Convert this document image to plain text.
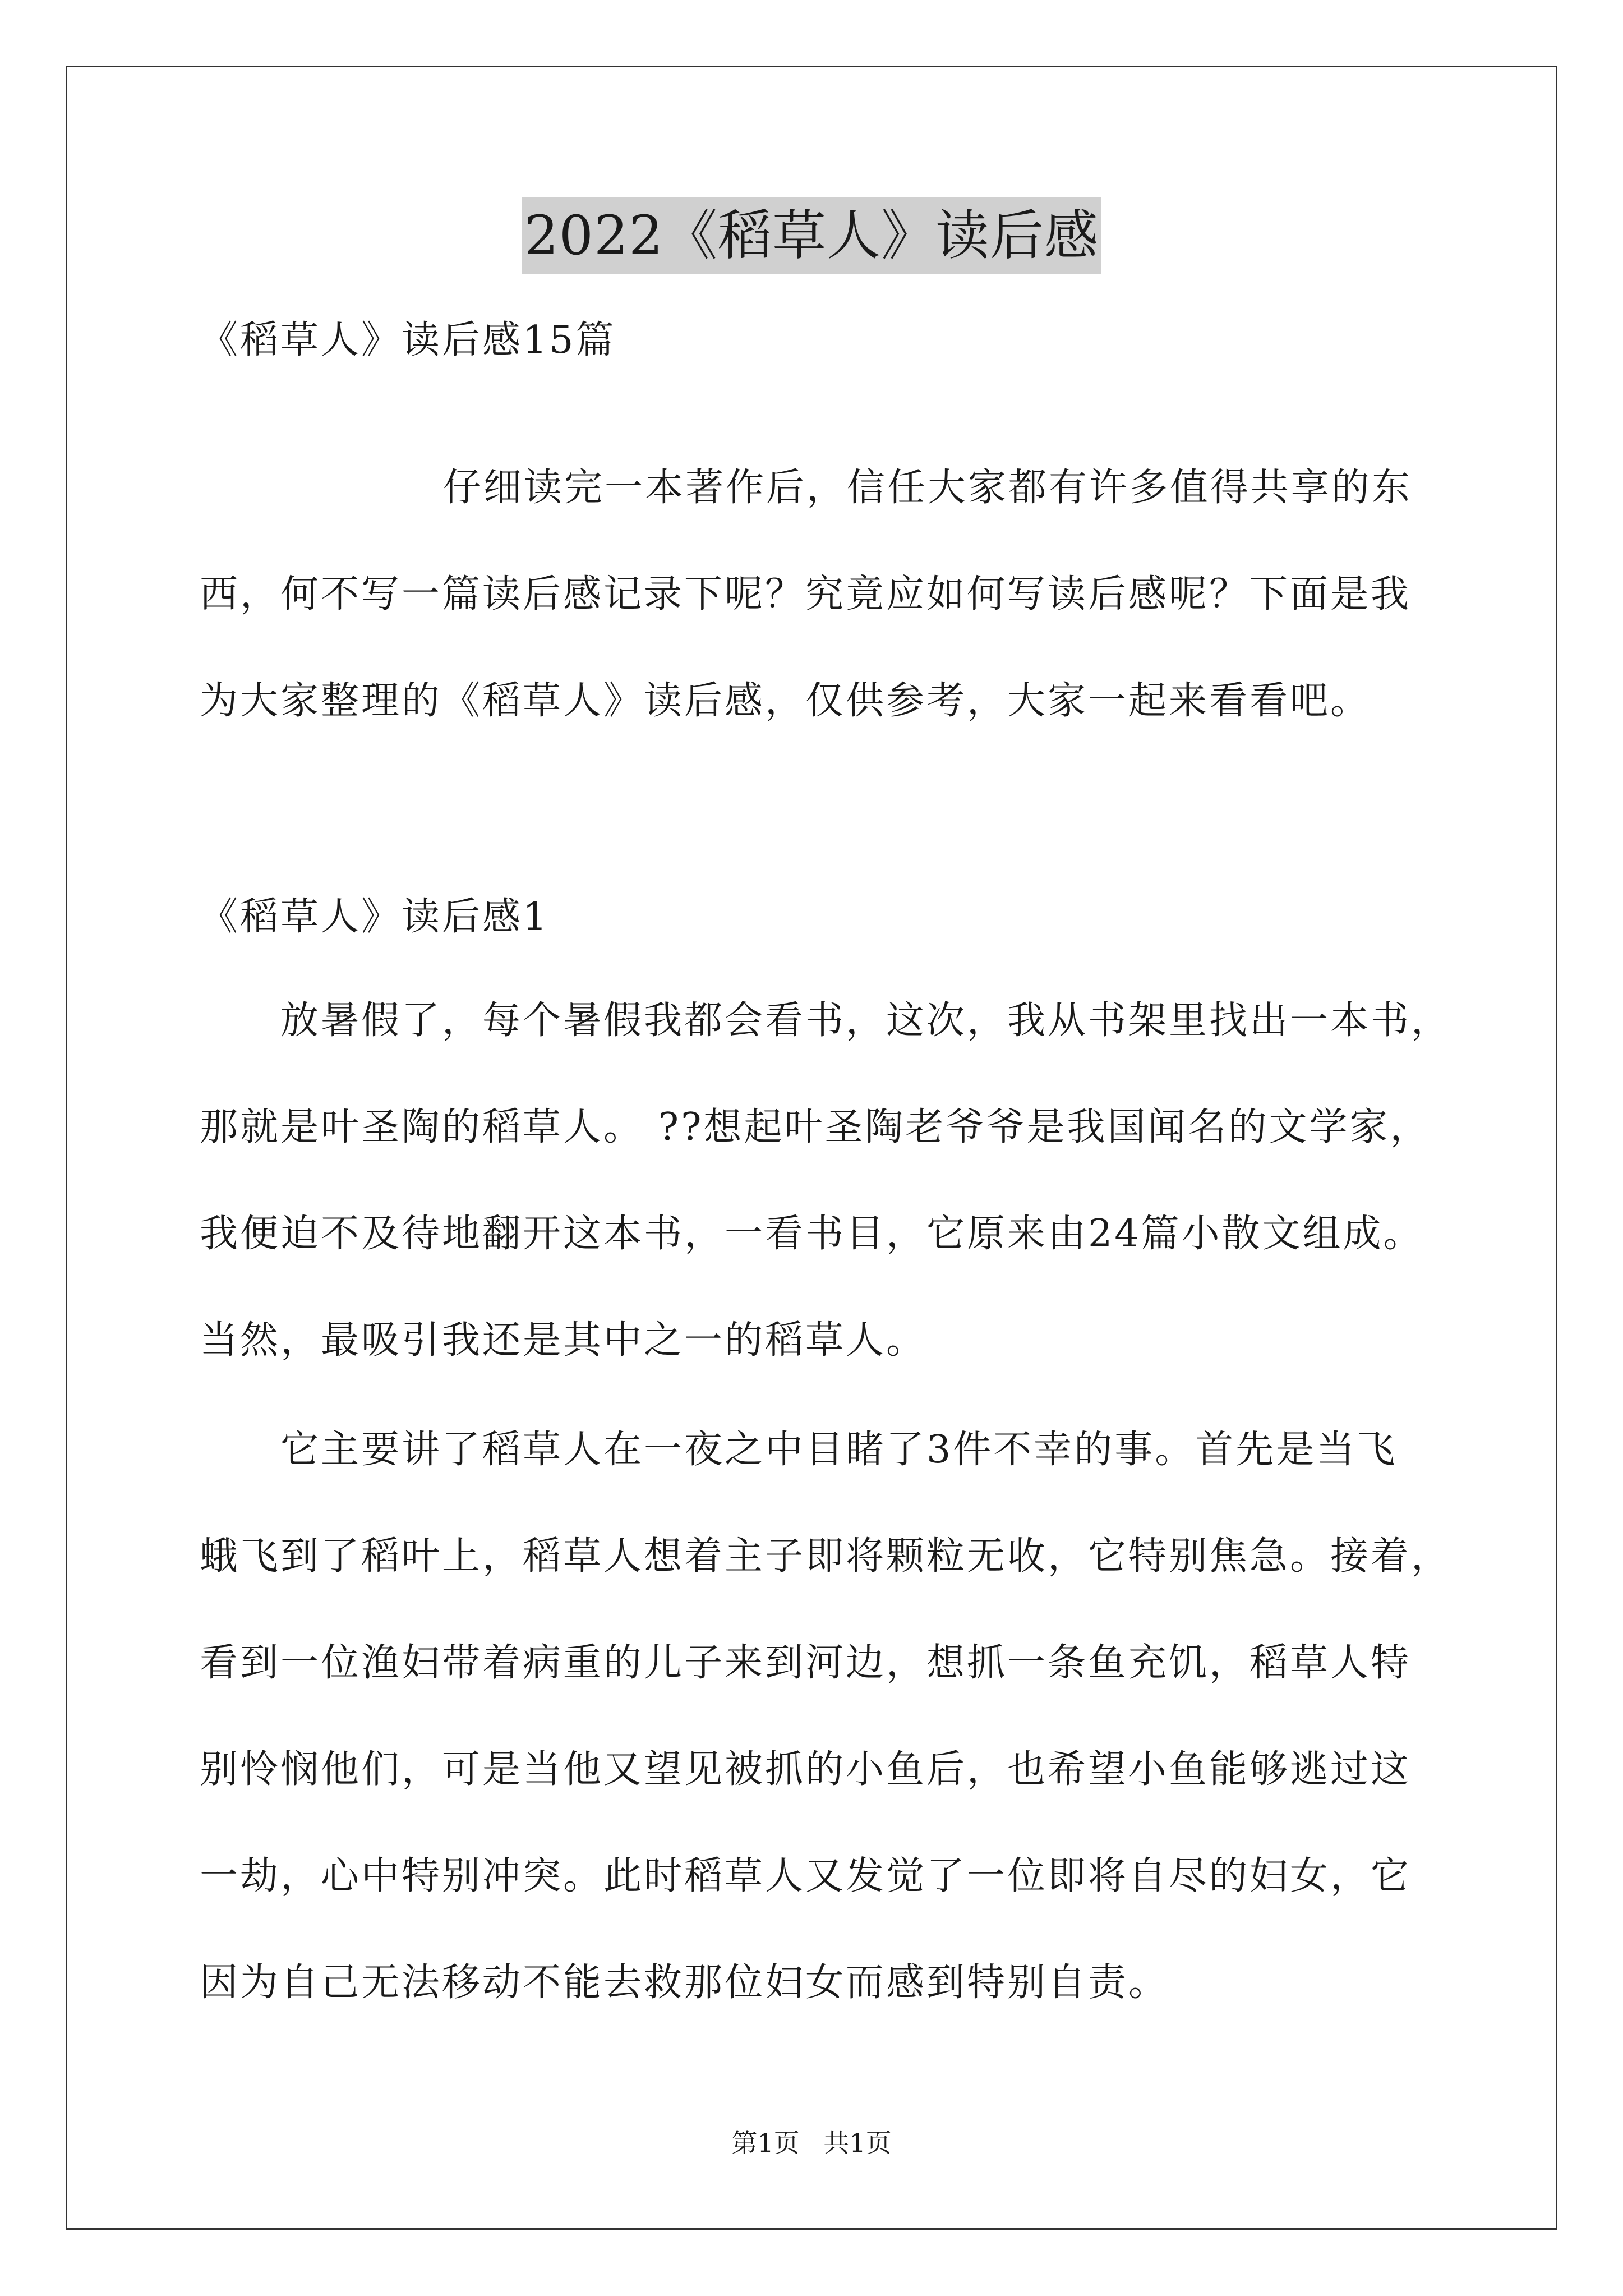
2022《稻草人》读后感
《稻草人》读后感15篇
仔细读完一本著作后，信任大家都有许多值得共享的东
西，何不写一篇读后感记录下呢？究竟应如何写读后感呢？下面是我
为大家整理的《稻草人》读后感，仅供参考，大家一起来看看吧。
《稻草人》读后感1
放暑假了，每个暑假我都会看书，这次，我从书架里找出一本书，
那就是叶圣陶的稻草人。 ??想起叶圣陶老爷爷是我国闻名的文学家，
我便迫不及待地翻开这本书，一看书目，它原来由24篇小散文组成。
当然，最吸引我还是其中之一的稻草人。
它主要讲了稻草人在一夜之中目睹了3件不幸的事。首先是当飞
蛾飞到了稻叶上，稻草人想着主子即将颗粒无收，它特别焦急。接着，
看到一位渔妇带着病重的儿子来到河边，想抓一条鱼充饥，稻草人特
别怜悯他们，可是当他又望见被抓的小鱼后，也希望小鱼能够逃过这
一劫，心中特别冲突。此时稻草人又发觉了一位即将自尽的妇女，它
因为自己无法移动不能去救那位妇女而感到特别自责。
第1页 共1页
